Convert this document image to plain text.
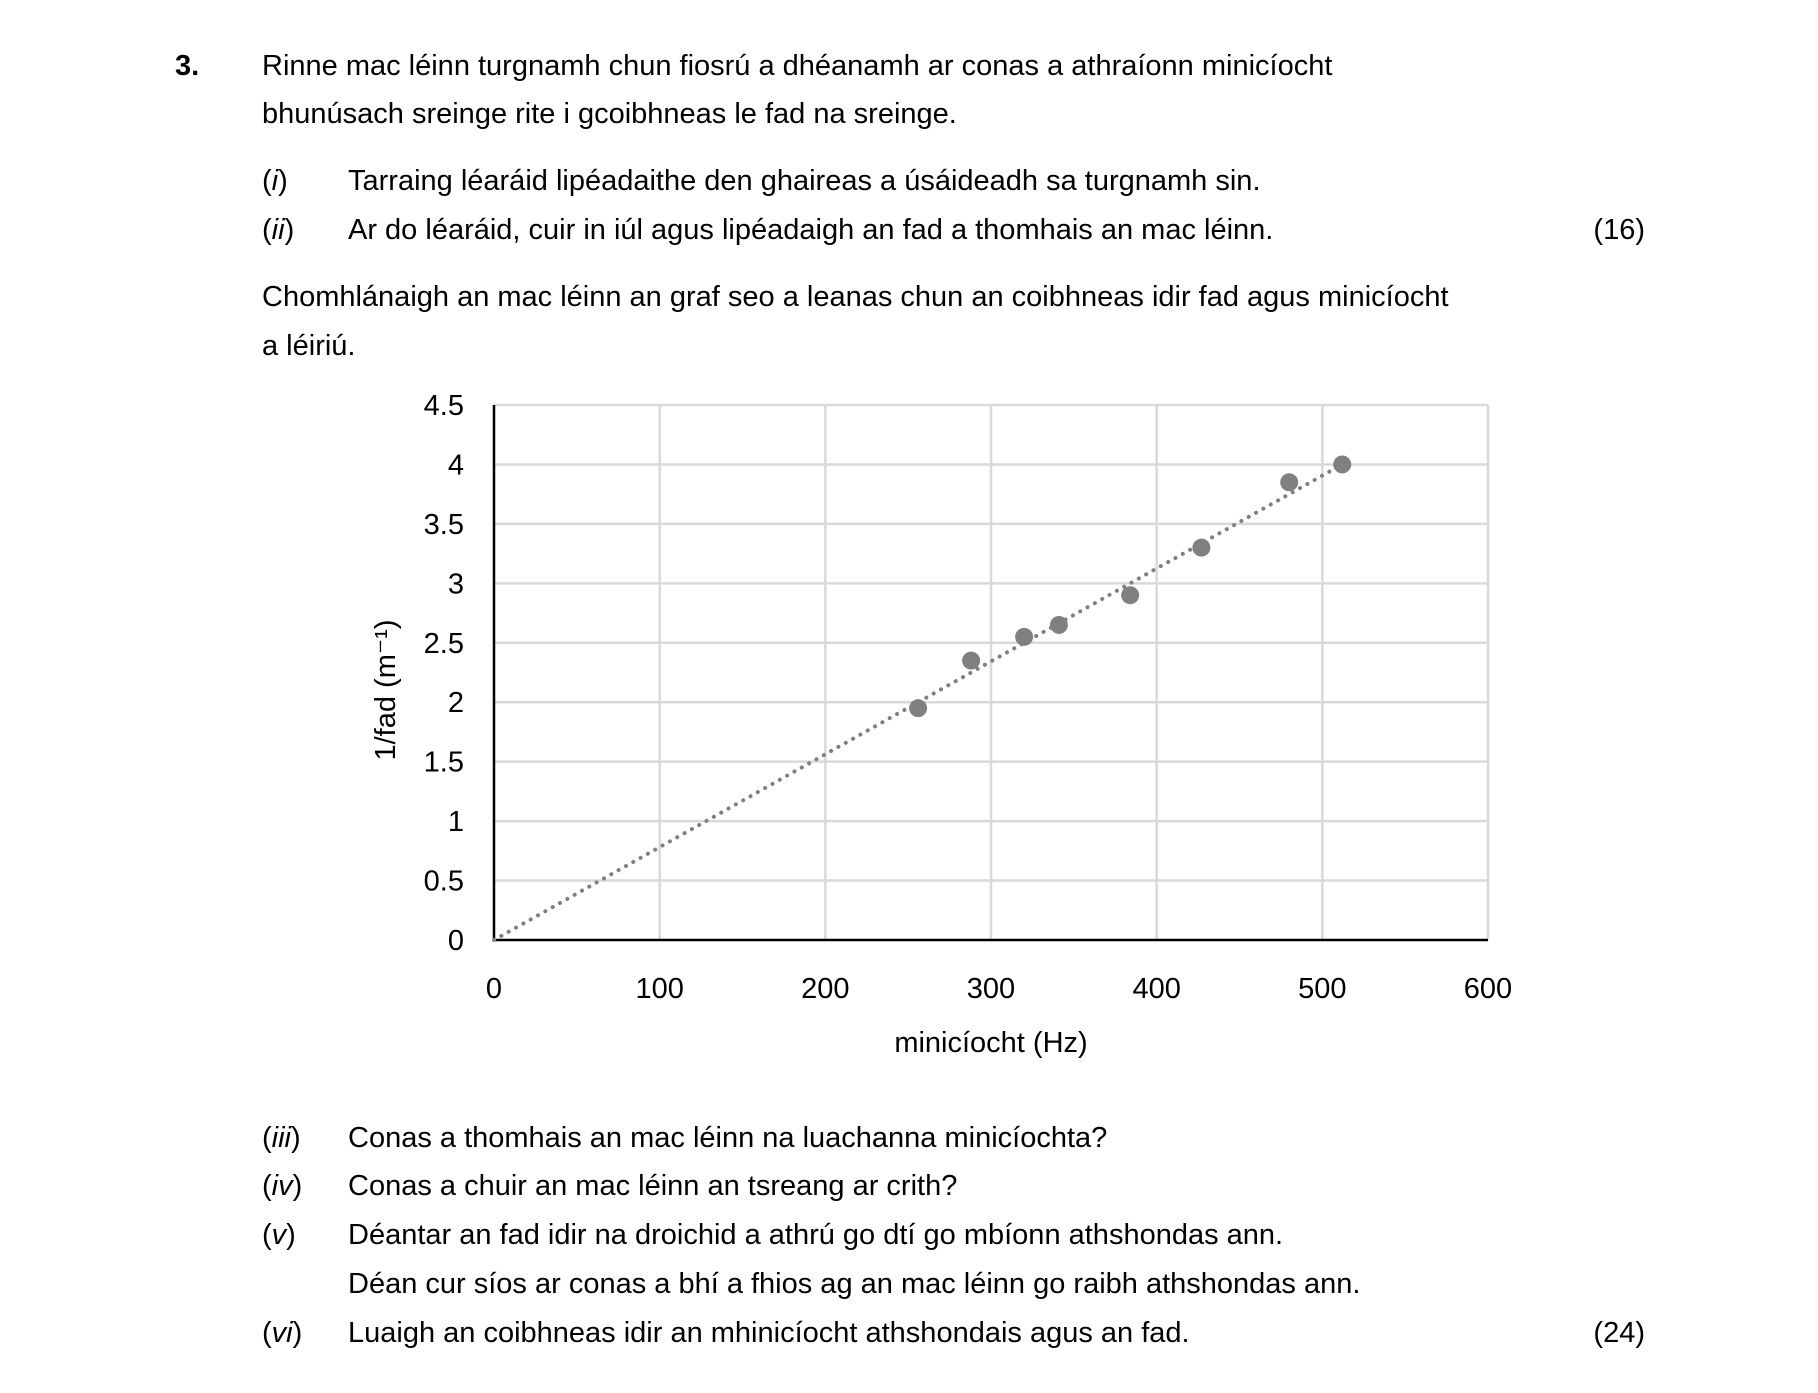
3. Rinne mac léinn turgnamh chun fiosrú a dhéanamh ar conas a athraíonn minicíocht
bhunúsach sreinge rite i gcoibhneas le fad na sreinge.
(i) Tarraing léaráid lipéadaithe den ghaireas a úsáideadh sa turgnamh sin.
(ii) Ar do léaráid, cuir in iúl agus lipéadaigh an fad a thomhais an mac léinn.	(16)
Chomhlánaigh an mac léinn an graf seo a leanas chun an coibhneas idir fad agus minicíocht
a léiriú.
0
0.5
1
1.5
2
2.5
3
3.5
4
4.5
0	100	200	300	400	500	600
minicíocht (Hz)
1/fad (m⁻¹)
(iii) Conas a thomhais an mac léinn na luachanna minicíochta?
(iv) Conas a chuir an mac léinn an tsreang ar crith?
(v) Déantar an fad idir na droichid a athrú go dtí go mbíonn athshondas ann.
Déan cur síos ar conas a bhí a fhios ag an mac léinn go raibh athshondas ann.
(vi) Luaigh an coibhneas idir an mhinicíocht athshondais agus an fad.	(24)
